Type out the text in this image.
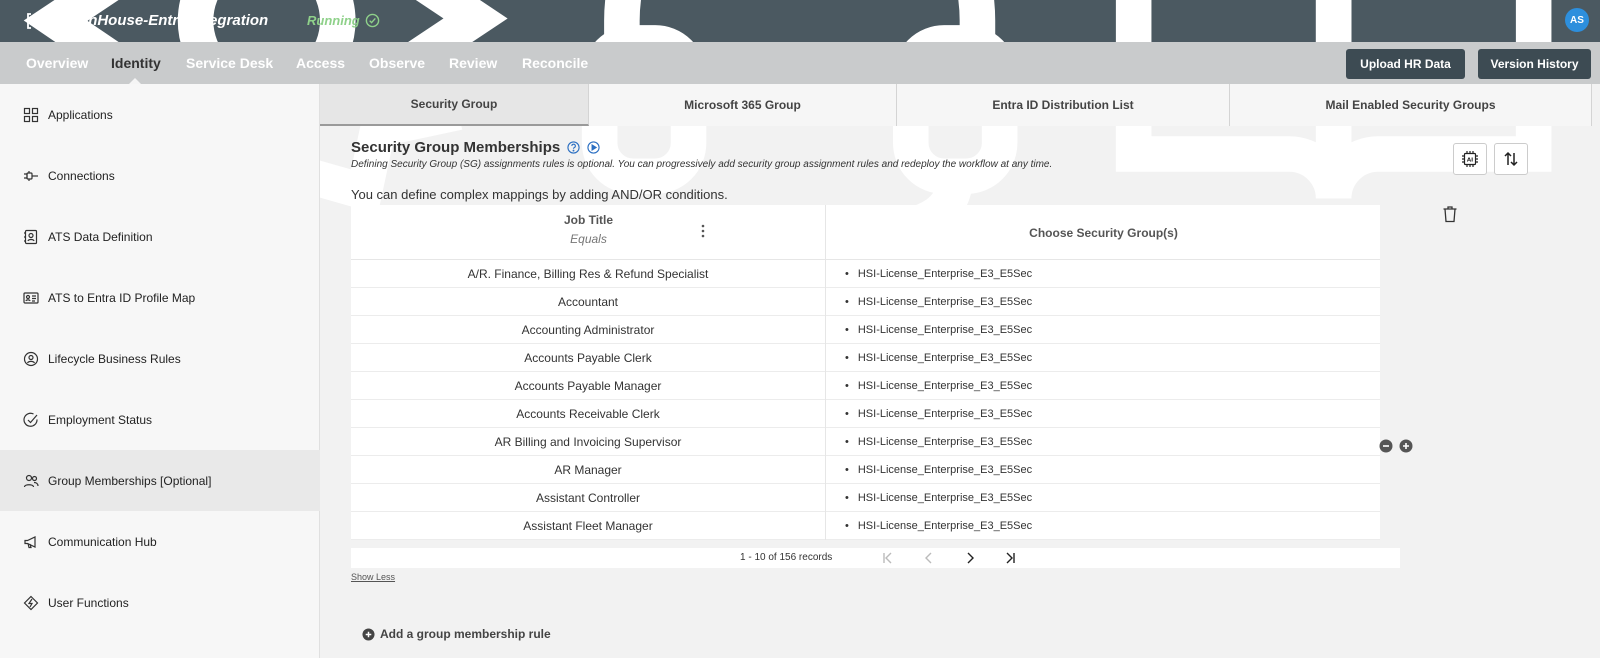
GreenHouse-Entra Integration	Running	AS
Overview Identity Service Desk Access Observe Review Reconcile	Upload HR Data	Version History
Applications
Connections
ATS Data Definition
ATS to Entra ID Profile Map
Lifecycle Business Rules
Employment Status
Group Memberships [Optional]
Communication Hub
User Functions
Security Group	Microsoft 365 Group	Entra ID Distribution List	Mail Enabled Security Groups
Security Group Memberships
Defining Security Group (SG) assignments rules is optional. You can progressively add security group assignment rules and redeploy the workflow at any time.
You can define complex mappings by adding AND/OR conditions.
AI
Job Title
Equals	Choose Security Group(s)
A/R. Finance, Billing Res & Refund Specialist	• HSI-License_Enterprise_E3_E5Sec
Accountant	• HSI-License_Enterprise_E3_E5Sec
Accounting Administrator	• HSI-License_Enterprise_E3_E5Sec
Accounts Payable Clerk	• HSI-License_Enterprise_E3_E5Sec
Accounts Payable Manager	• HSI-License_Enterprise_E3_E5Sec
Accounts Receivable Clerk	• HSI-License_Enterprise_E3_E5Sec
AR Billing and Invoicing Supervisor	• HSI-License_Enterprise_E3_E5Sec
AR Manager	• HSI-License_Enterprise_E3_E5Sec
Assistant Controller	• HSI-License_Enterprise_E3_E5Sec
Assistant Fleet Manager	• HSI-License_Enterprise_E3_E5Sec
1 - 10 of 156 records
Show Less
Add a group membership rule
